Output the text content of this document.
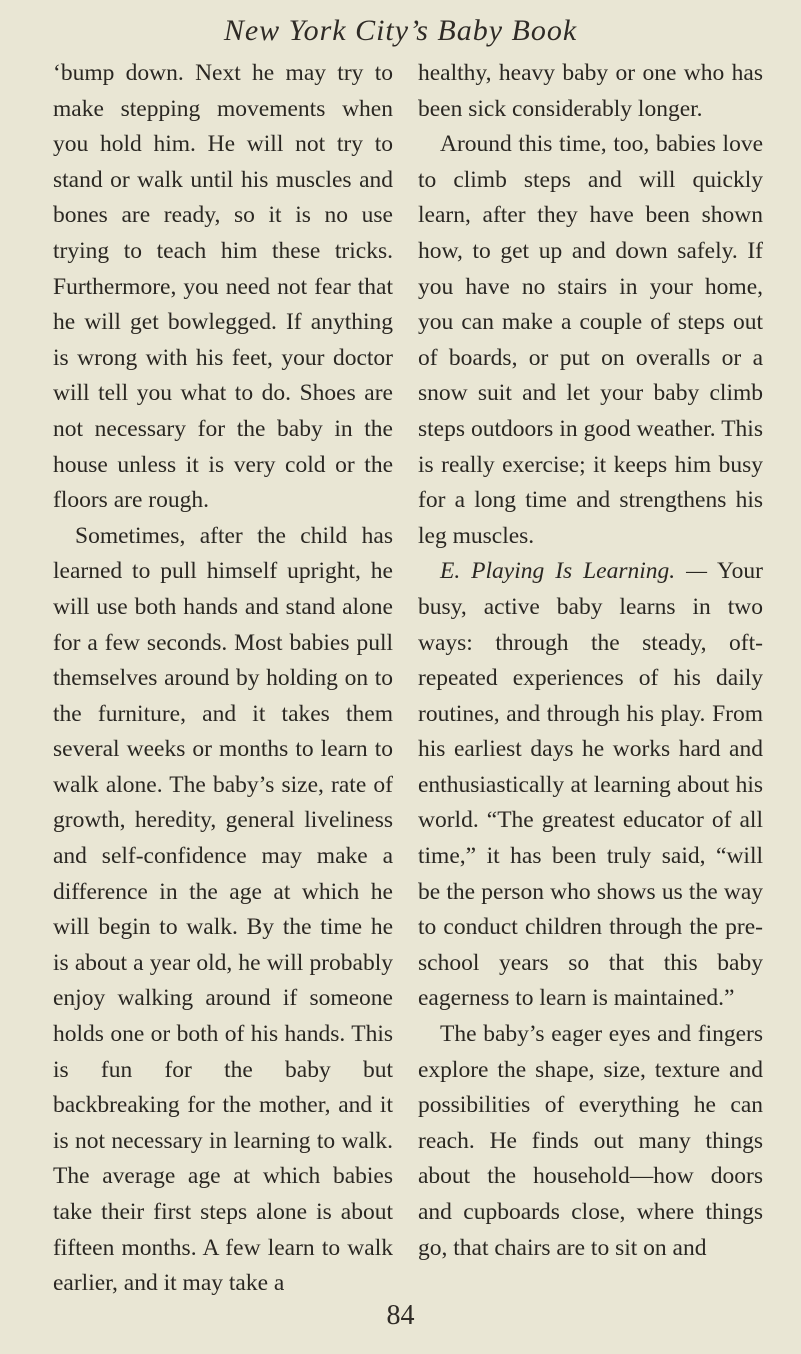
New York City’s Baby Book

‘bump down. Next he may try to make stepping movements when you hold him. He will not try to stand or walk until his muscles and bones are ready, so it is no use trying to teach him these tricks. Furthermore, you need not fear that he will get bowlegged. If anything is wrong with his feet, your doctor will tell you what to do. Shoes are not necessary for the baby in the house unless it is very cold or the floors are rough.

Sometimes, after the child has learned to pull himself upright, he will use both hands and stand alone for a few seconds. Most babies pull themselves around by holding on to the furniture, and it takes them several weeks or months to learn to walk alone. The baby’s size, rate of growth, heredity, general liveliness and self-confidence may make a difference in the age at which he will begin to walk. By the time he is about a year old, he will probably enjoy walking around if someone holds one or both of his hands. This is fun for the baby but backbreaking for the mother, and it is not necessary in learning to walk. The average age at which babies take their first steps alone is about fifteen months. A few learn to walk earlier, and it may take a

healthy, heavy baby or one who has been sick considerably longer.

Around this time, too, babies love to climb steps and will quickly learn, after they have been shown how, to get up and down safely. If you have no stairs in your home, you can make a couple of steps out of boards, or put on overalls or a snow suit and let your baby climb steps outdoors in good weather. This is really exercise; it keeps him busy for a long time and strengthens his leg muscles.

E. Playing Is Learning. — Your busy, active baby learns in two ways: through the steady, oft-repeated experiences of his daily routines, and through his play. From his earliest days he works hard and enthusiastically at learning about his world. “The greatest educator of all time,” it has been truly said, “will be the person who shows us the way to conduct children through the pre-school years so that this baby eagerness to learn is maintained.”

The baby’s eager eyes and fingers explore the shape, size, texture and possibilities of everything he can reach. He finds out many things about the household—how doors and cupboards close, where things go, that chairs are to sit on and

84
